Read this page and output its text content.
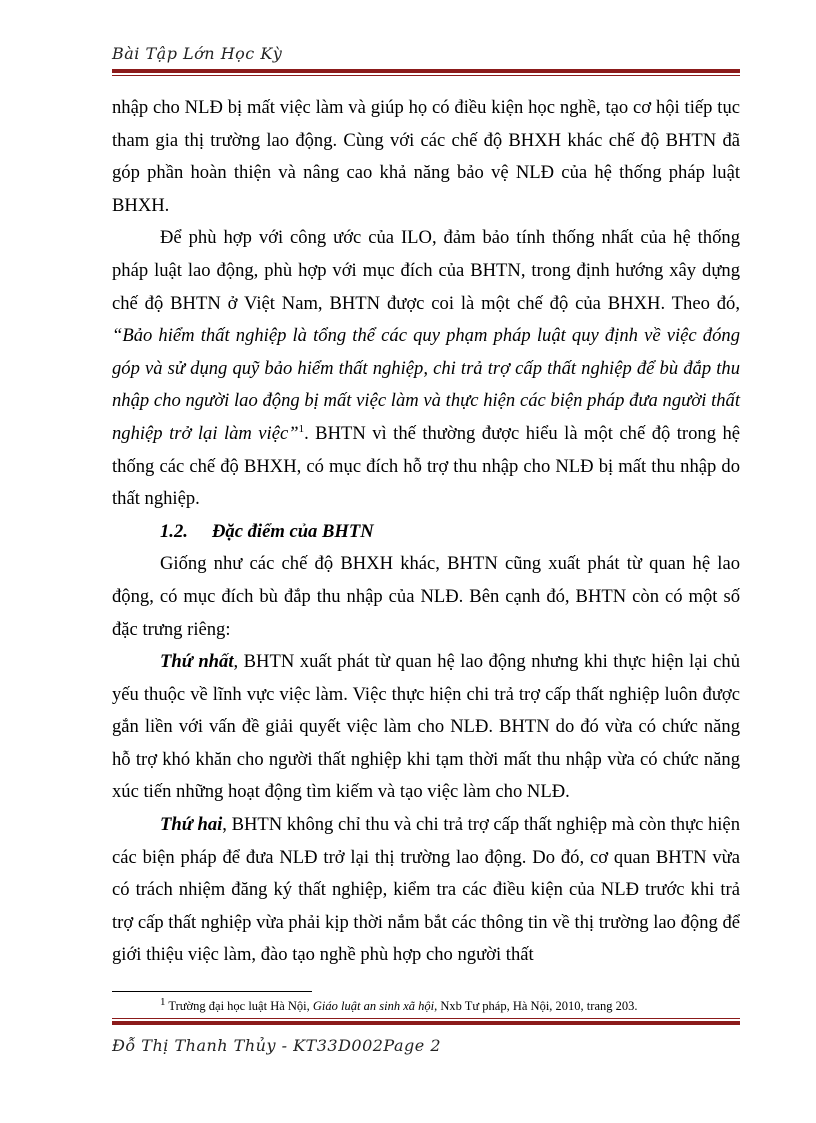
Bài Tập Lớn Học Kỳ

nhập cho NLĐ bị mất việc làm và giúp họ có điều kiện học nghề, tạo cơ hội tiếp tục tham gia thị trường lao động. Cùng với các chế độ BHXH khác chế độ BHTN đã góp phần hoàn thiện và nâng cao khả năng bảo vệ NLĐ của hệ thống pháp luật BHXH.

Để phù hợp với công ước của ILO, đảm bảo tính thống nhất của hệ thống pháp luật lao động, phù hợp với mục đích của BHTN, trong định hướng xây dựng chế độ BHTN ở Việt Nam, BHTN được coi là một chế độ của BHXH. Theo đó, “Bảo hiểm thất nghiệp là tổng thể các quy phạm pháp luật quy định về việc đóng góp và sử dụng quỹ bảo hiểm thất nghiệp, chi trả trợ cấp thất nghiệp để bù đắp thu nhập cho người lao động bị mất việc làm và thực hiện các biện pháp đưa người thất nghiệp trở lại làm việc”$^1$. BHTN vì thế thường được hiểu là một chế độ trong hệ thống các chế độ BHXH, có mục đích hỗ trợ thu nhập cho NLĐ bị mất thu nhập do thất nghiệp.

1.2. Đặc điểm của BHTN

Giống như các chế độ BHXH khác, BHTN cũng xuất phát từ quan hệ lao động, có mục đích bù đắp thu nhập của NLĐ. Bên cạnh đó, BHTN còn có một số đặc trưng riêng:

Thứ nhất, BHTN xuất phát từ quan hệ lao động nhưng khi thực hiện lại chủ yếu thuộc về lĩnh vực việc làm. Việc thực hiện chi trả trợ cấp thất nghiệp luôn được gắn liền với vấn đề giải quyết việc làm cho NLĐ. BHTN do đó vừa có chức năng hỗ trợ khó khăn cho người thất nghiệp khi tạm thời mất thu nhập vừa có chức năng xúc tiến những hoạt động tìm kiếm và tạo việc làm cho NLĐ.

Thứ hai, BHTN không chỉ thu và chi trả trợ cấp thất nghiệp mà còn thực hiện các biện pháp để đưa NLĐ trở lại thị trường lao động. Do đó, cơ quan BHTN vừa có trách nhiệm đăng ký thất nghiệp, kiểm tra các điều kiện của NLĐ trước khi trả trợ cấp thất nghiệp vừa phải kịp thời nắm bắt các thông tin về thị trường lao động để giới thiệu việc làm, đào tạo nghề phù hợp cho người thất

$^1$ Trường đại học luật Hà Nội, Giáo luật an sinh xã hội, Nxb Tư pháp, Hà Nội, 2010, trang 203.
Đỗ Thị Thanh Thủy - KT33D002Page 2
